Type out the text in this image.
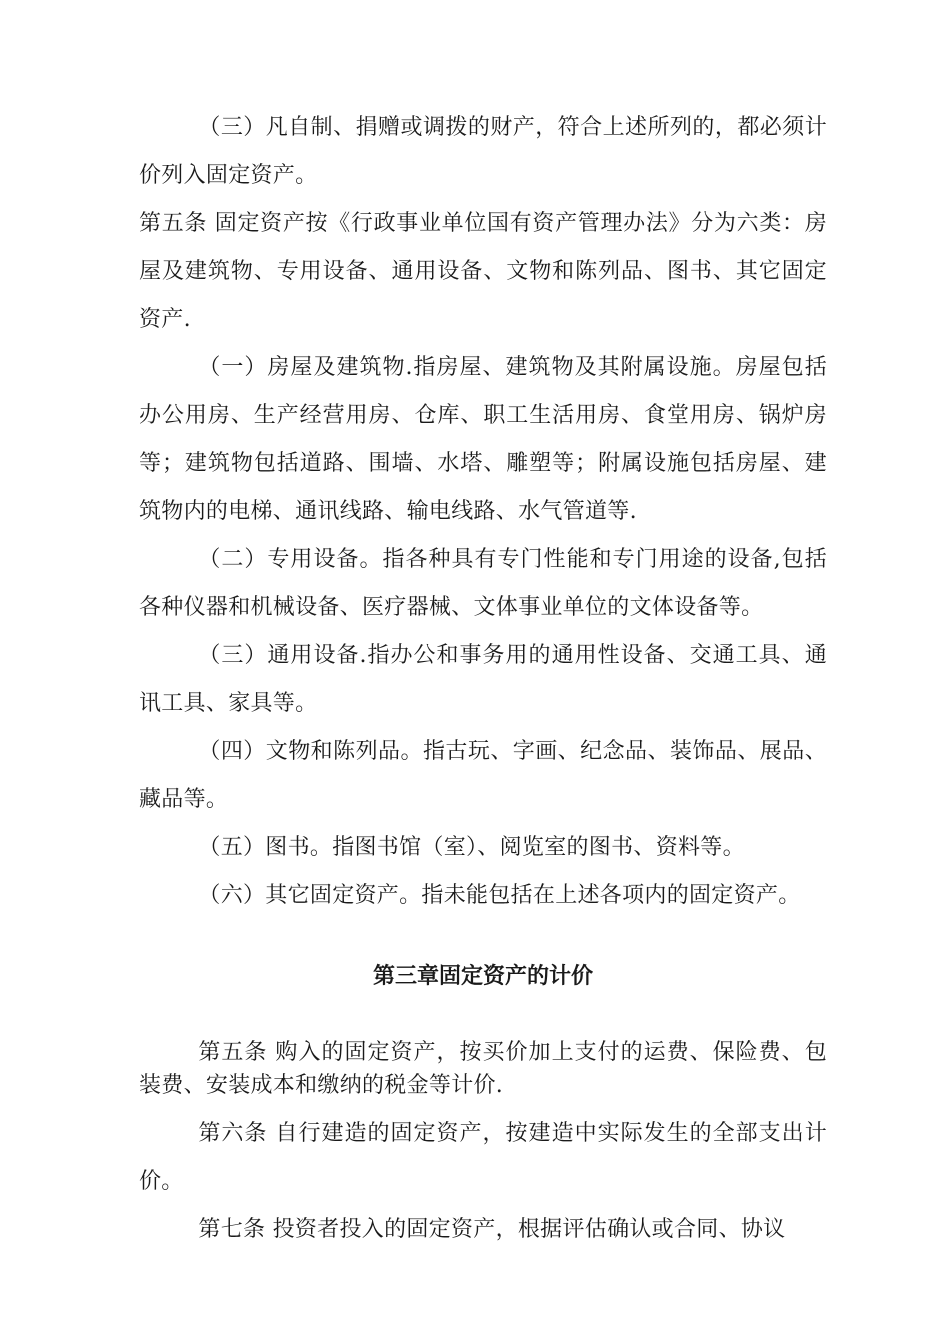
（三）凡自制、捐赠或调拨的财产，符合上述所列的，都必须计价列入固定资产。

第五条 固定资产按《行政事业单位国有资产管理办法》分为六类：房屋及建筑物、专用设备、通用设备、文物和陈列品、图书、其它固定资产.

（一）房屋及建筑物.指房屋、建筑物及其附属设施。房屋包括办公用房、生产经营用房、仓库、职工生活用房、食堂用房、锅炉房等；建筑物包括道路、围墙、水塔、雕塑等；附属设施包括房屋、建筑物内的电梯、通讯线路、输电线路、水气管道等.

（二）专用设备。指各种具有专门性能和专门用途的设备,包括各种仪器和机械设备、医疗器械、文体事业单位的文体设备等。

（三）通用设备.指办公和事务用的通用性设备、交通工具、通讯工具、家具等。

（四）文物和陈列品。指古玩、字画、纪念品、装饰品、展品、藏品等。

（五）图书。指图书馆（室）、阅览室的图书、资料等。

（六）其它固定资产。指未能包括在上述各项内的固定资产。

第三章固定资产的计价

第五条 购入的固定资产，按买价加上支付的运费、保险费、包装费、安装成本和缴纳的税金等计价.

第六条 自行建造的固定资产，按建造中实际发生的全部支出计价。

第七条 投资者投入的固定资产，根据评估确认或合同、协议
